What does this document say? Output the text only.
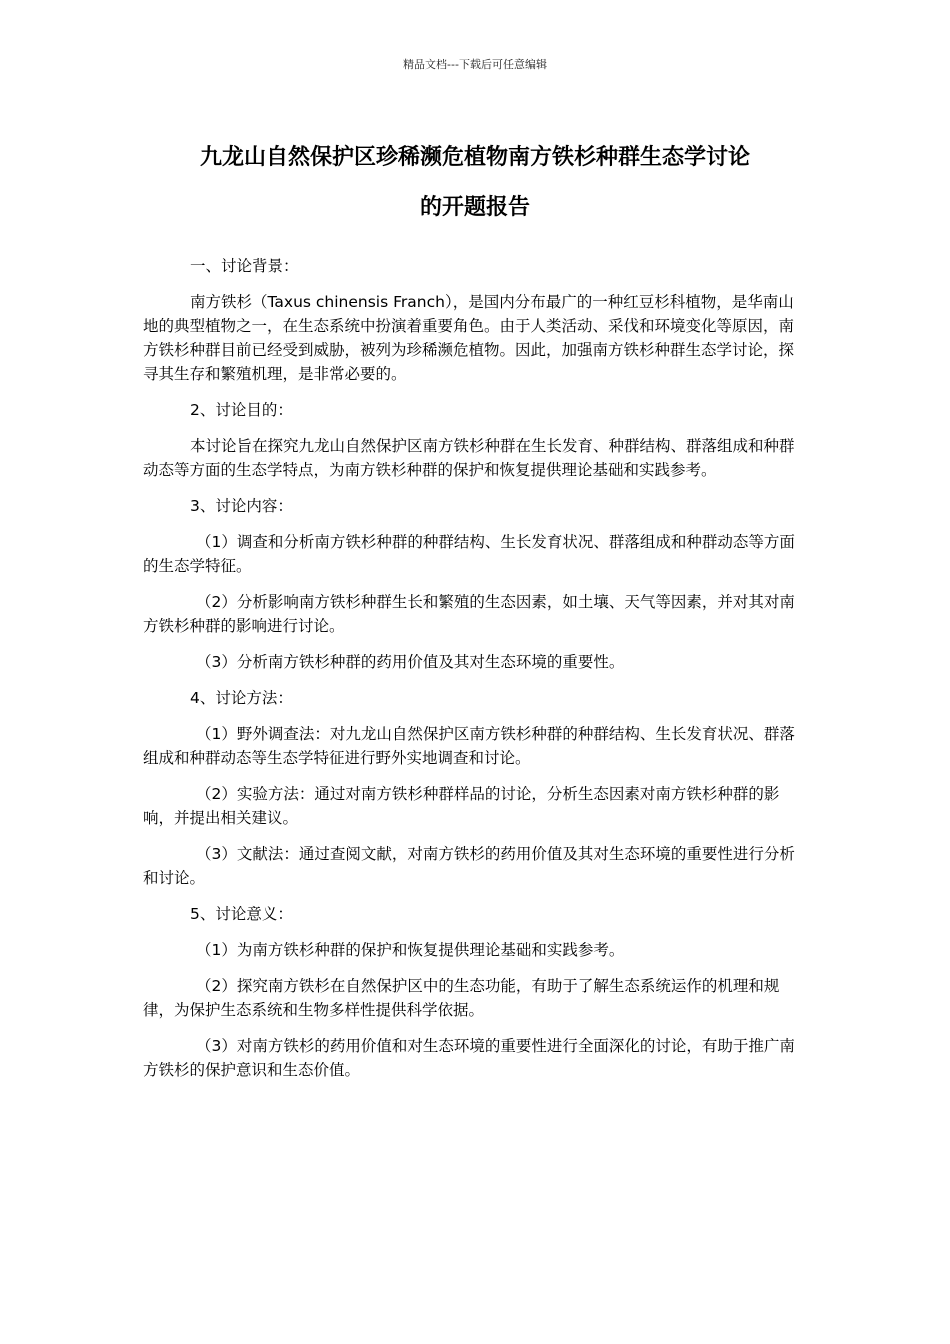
精品文档---下载后可任意编辑
九龙山自然保护区珍稀濒危植物南方铁杉种群生态学讨论
的开题报告

一、讨论背景：

南方铁杉（Taxus chinensis Franch），是国内分布最广的一种红豆杉科植物，是华南山地的典型植物之一，在生态系统中扮演着重要角色。由于人类活动、采伐和环境变化等原因，南方铁杉种群目前已经受到威胁，被列为珍稀濒危植物。因此，加强南方铁杉种群生态学讨论，探寻其生存和繁殖机理，是非常必要的。

2、讨论目的：

本讨论旨在探究九龙山自然保护区南方铁杉种群在生长发育、种群结构、群落组成和种群动态等方面的生态学特点，为南方铁杉种群的保护和恢复提供理论基础和实践参考。

3、讨论内容：

（1）调查和分析南方铁杉种群的种群结构、生长发育状况、群落组成和种群动态等方面的生态学特征。

（2）分析影响南方铁杉种群生长和繁殖的生态因素，如土壤、天气等因素，并对其对南方铁杉种群的影响进行讨论。

（3）分析南方铁杉种群的药用价值及其对生态环境的重要性。

4、讨论方法：

（1）野外调查法：对九龙山自然保护区南方铁杉种群的种群结构、生长发育状况、群落组成和种群动态等生态学特征进行野外实地调查和讨论。

（2）实验方法：通过对南方铁杉种群样品的讨论，分析生态因素对南方铁杉种群的影响，并提出相关建议。

（3）文献法：通过查阅文献，对南方铁杉的药用价值及其对生态环境的重要性进行分析和讨论。

5、讨论意义：

（1）为南方铁杉种群的保护和恢复提供理论基础和实践参考。

（2）探究南方铁杉在自然保护区中的生态功能，有助于了解生态系统运作的机理和规律，为保护生态系统和生物多样性提供科学依据。

（3）对南方铁杉的药用价值和对生态环境的重要性进行全面深化的讨论，有助于推广南方铁杉的保护意识和生态价值。
